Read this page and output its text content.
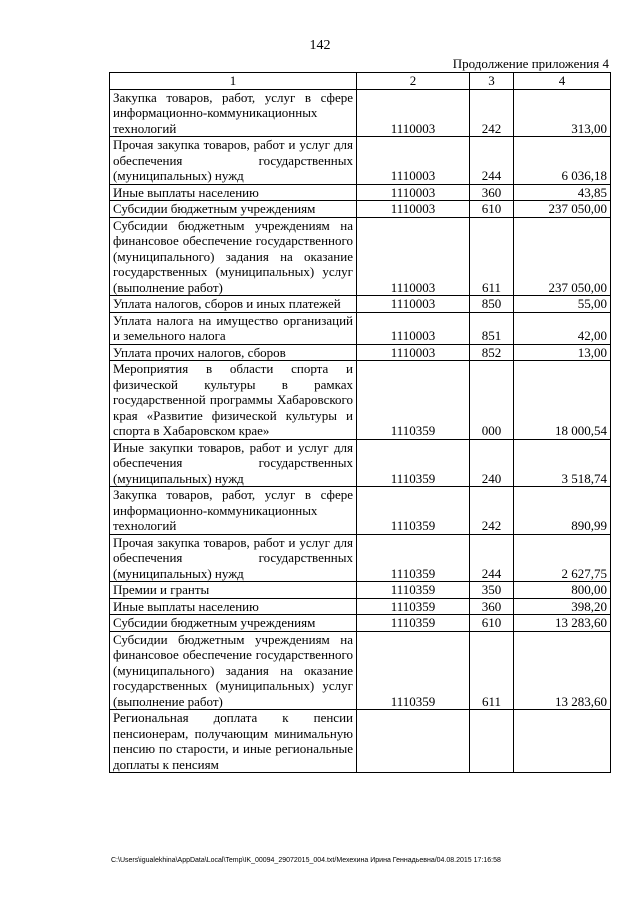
142
Продолжение приложения 4
1	2	3	4
Закупка товаров, работ, услуг в сфере информационно-коммуникационных технологий	1110003	242	313,00
Прочая закупка товаров, работ и услуг для обеспечения государственных (муниципальных) нужд	1110003	244	6 036,18
Иные выплаты населению	1110003	360	43,85
Субсидии бюджетным учреждениям	1110003	610	237 050,00
Субсидии бюджетным учреждениям на финансовое обеспечение государственного (муниципального) задания на оказание государственных (муниципальных) услуг (выполнение работ)	1110003	611	237 050,00
Уплата налогов, сборов и иных платежей	1110003	850	55,00
Уплата налога на имущество организаций и земельного налога	1110003	851	42,00
Уплата прочих налогов, сборов	1110003	852	13,00
Мероприятия в области спорта и физической культуры в рамках государственной программы Хабаровского края «Развитие физической культуры и спорта в Хабаровском крае»	1110359	000	18 000,54
Иные закупки товаров, работ и услуг для обеспечения государственных (муниципальных) нужд	1110359	240	3 518,74
Закупка товаров, работ, услуг в сфере информационно-коммуникационных технологий	1110359	242	890,99
Прочая закупка товаров, работ и услуг для обеспечения государственных (муниципальных) нужд	1110359	244	2 627,75
Премии и гранты	1110359	350	800,00
Иные выплаты населению	1110359	360	398,20
Субсидии бюджетным учреждениям	1110359	610	13 283,60
Субсидии бюджетным учреждениям на финансовое обеспечение государственного (муниципального) задания на оказание государственных (муниципальных) услуг (выполнение работ)	1110359	611	13 283,60
Региональная доплата к пенсии пенсионерам, получающим минимальную пенсию по старости, и иные региональные доплаты к пенсиям			
C:\Users\igualekhina\AppData\Local\Temp\IK_00094_29072015_004.txt/Мехехина Ирина Геннадьевна/04.08.2015 17:16:58
